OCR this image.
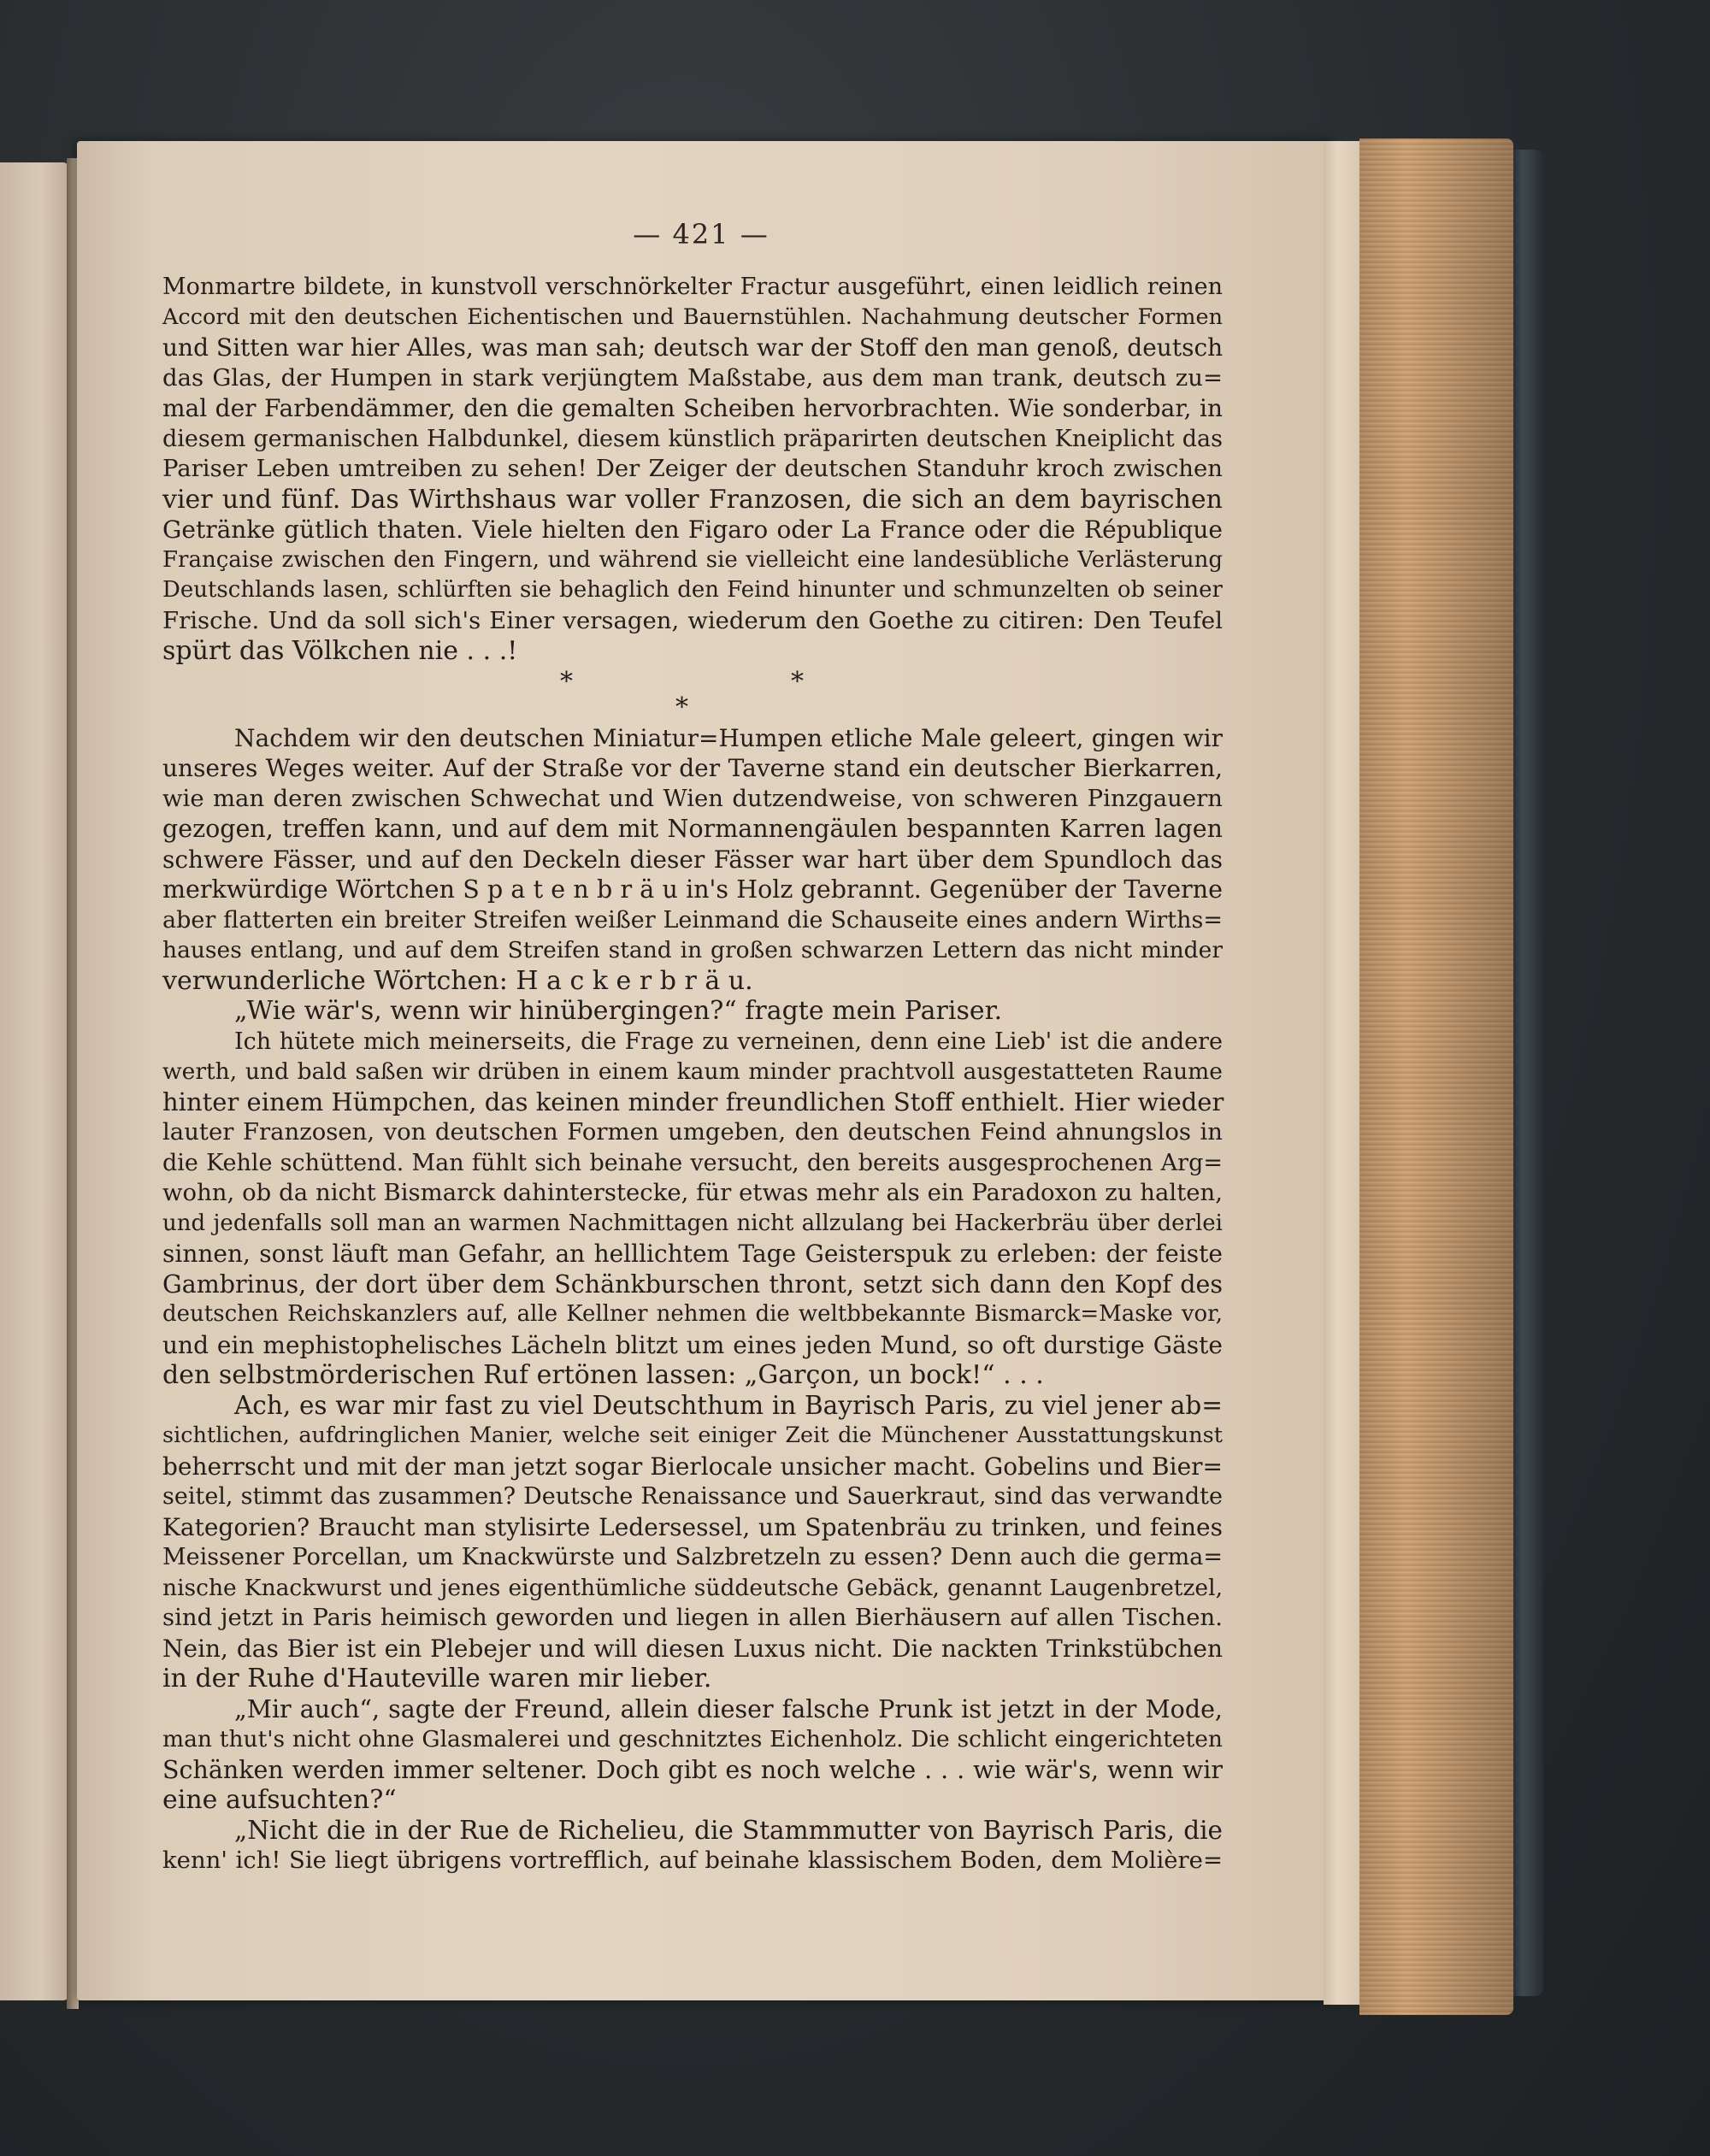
— 421 —
Monmartre bildete, in kunstvoll verschnörkelter Fractur ausgeführt, einen leidlich reinen
Accord mit den deutschen Eichentischen und Bauernstühlen. Nachahmung deutscher Formen
und Sitten war hier Alles, was man sah; deutsch war der Stoff den man genoß, deutsch
das Glas, der Humpen in stark verjüngtem Maßstabe, aus dem man trank, deutsch zu=
mal der Farbendämmer, den die gemalten Scheiben hervorbrachten. Wie sonderbar, in
diesem germanischen Halbdunkel, diesem künstlich präparirten deutschen Kneiplicht das
Pariser Leben umtreiben zu sehen! Der Zeiger der deutschen Standuhr kroch zwischen
vier und fünf. Das Wirthshaus war voller Franzosen, die sich an dem bayrischen
Getränke gütlich thaten. Viele hielten den Figaro oder La France oder die République
Française zwischen den Fingern, und während sie vielleicht eine landesübliche Verlästerung
Deutschlands lasen, schlürften sie behaglich den Feind hinunter und schmunzelten ob seiner
Frische. Und da soll sich's Einer versagen, wiederum den Goethe zu citiren: Den Teufel
spürt das Völkchen nie . . .!
*	*
*
Nachdem wir den deutschen Miniatur=Humpen etliche Male geleert, gingen wir
unseres Weges weiter. Auf der Straße vor der Taverne stand ein deutscher Bierkarren,
wie man deren zwischen Schwechat und Wien dutzendweise, von schweren Pinzgauern
gezogen, treffen kann, und auf dem mit Normannengäulen bespannten Karren lagen
schwere Fässer, und auf den Deckeln dieser Fässer war hart über dem Spundloch das
merkwürdige Wörtchen S p a t e n b r ä u in's Holz gebrannt. Gegenüber der Taverne
aber flatterten ein breiter Streifen weißer Leinmand die Schauseite eines andern Wirths=
hauses entlang, und auf dem Streifen stand in großen schwarzen Lettern das nicht minder
verwunderliche Wörtchen: H a c k e r b r ä u.
„Wie wär's, wenn wir hinübergingen?“ fragte mein Pariser.
Ich hütete mich meinerseits, die Frage zu verneinen, denn eine Lieb' ist die andere
werth, und bald saßen wir drüben in einem kaum minder prachtvoll ausgestatteten Raume
hinter einem Hümpchen, das keinen minder freundlichen Stoff enthielt. Hier wieder
lauter Franzosen, von deutschen Formen umgeben, den deutschen Feind ahnungslos in
die Kehle schüttend. Man fühlt sich beinahe versucht, den bereits ausgesprochenen Arg=
wohn, ob da nicht Bismarck dahintersteckе, für etwas mehr als ein Paradoxon zu halten,
und jedenfalls soll man an warmen Nachmittagen nicht allzulang bei Hackerbräu über derlei
sinnen, sonst läuft man Gefahr, an helllichtem Tage Geisterspuk zu erleben: der feiste
Gambrinus, der dort über dem Schänkburschen thront, setzt sich dann den Kopf des
deutschen Reichskanzlers auf, alle Kellner nehmen die weltbbekannte Bismarck=Maske vor,
und ein mephistophelisches Lächeln blitzt um eines jeden Mund, so oft durstige Gäste
den selbstmörderischen Ruf ertönen lassen: „Garçon, un bock!“ . . .
Ach, es war mir fast zu viel Deutschthum in Bayrisch Paris, zu viel jener ab=
sichtlichen, aufdringlichen Manier, welche seit einiger Zeit die Münchener Ausstattungskunst
beherrscht und mit der man jetzt sogar Bierlocale unsicher macht. Gobelins und Bier=
seitel, stimmt das zusammen? Deutsche Renaissance und Sauerkraut, sind das verwandte
Kategorien? Braucht man stylisirte Ledersessel, um Spatenbräu zu trinken, und feines
Meissener Porcellan, um Knackwürste und Salzbretzeln zu essen? Denn auch die germa=
nische Knackwurst und jenes eigenthümliche süddeutsche Gebäck, genannt Laugenbretzel,
sind jetzt in Paris heimisch geworden und liegen in allen Bierhäusern auf allen Tischen.
Nein, das Bier ist ein Plebejer und will diesen Luxus nicht. Die nackten Trinkstübchen
in der Ruhe d'Hauteville waren mir lieber.
„Mir auch“, sagte der Freund, allein dieser falsche Prunk ist jetzt in der Mode,
man thut's nicht ohne Glasmalerei und geschnitztes Eichenholz. Die schlicht eingerichteten
Schänken werden immer seltener. Doch gibt es noch welche . . . wie wär's, wenn wir
eine aufsuchten?“
„Nicht die in der Rue de Richelieu, die Stammmutter von Bayrisch Paris, die
kenn' ich! Sie liegt übrigens vortrefflich, auf beinahe klassischem Boden, dem Molière=
